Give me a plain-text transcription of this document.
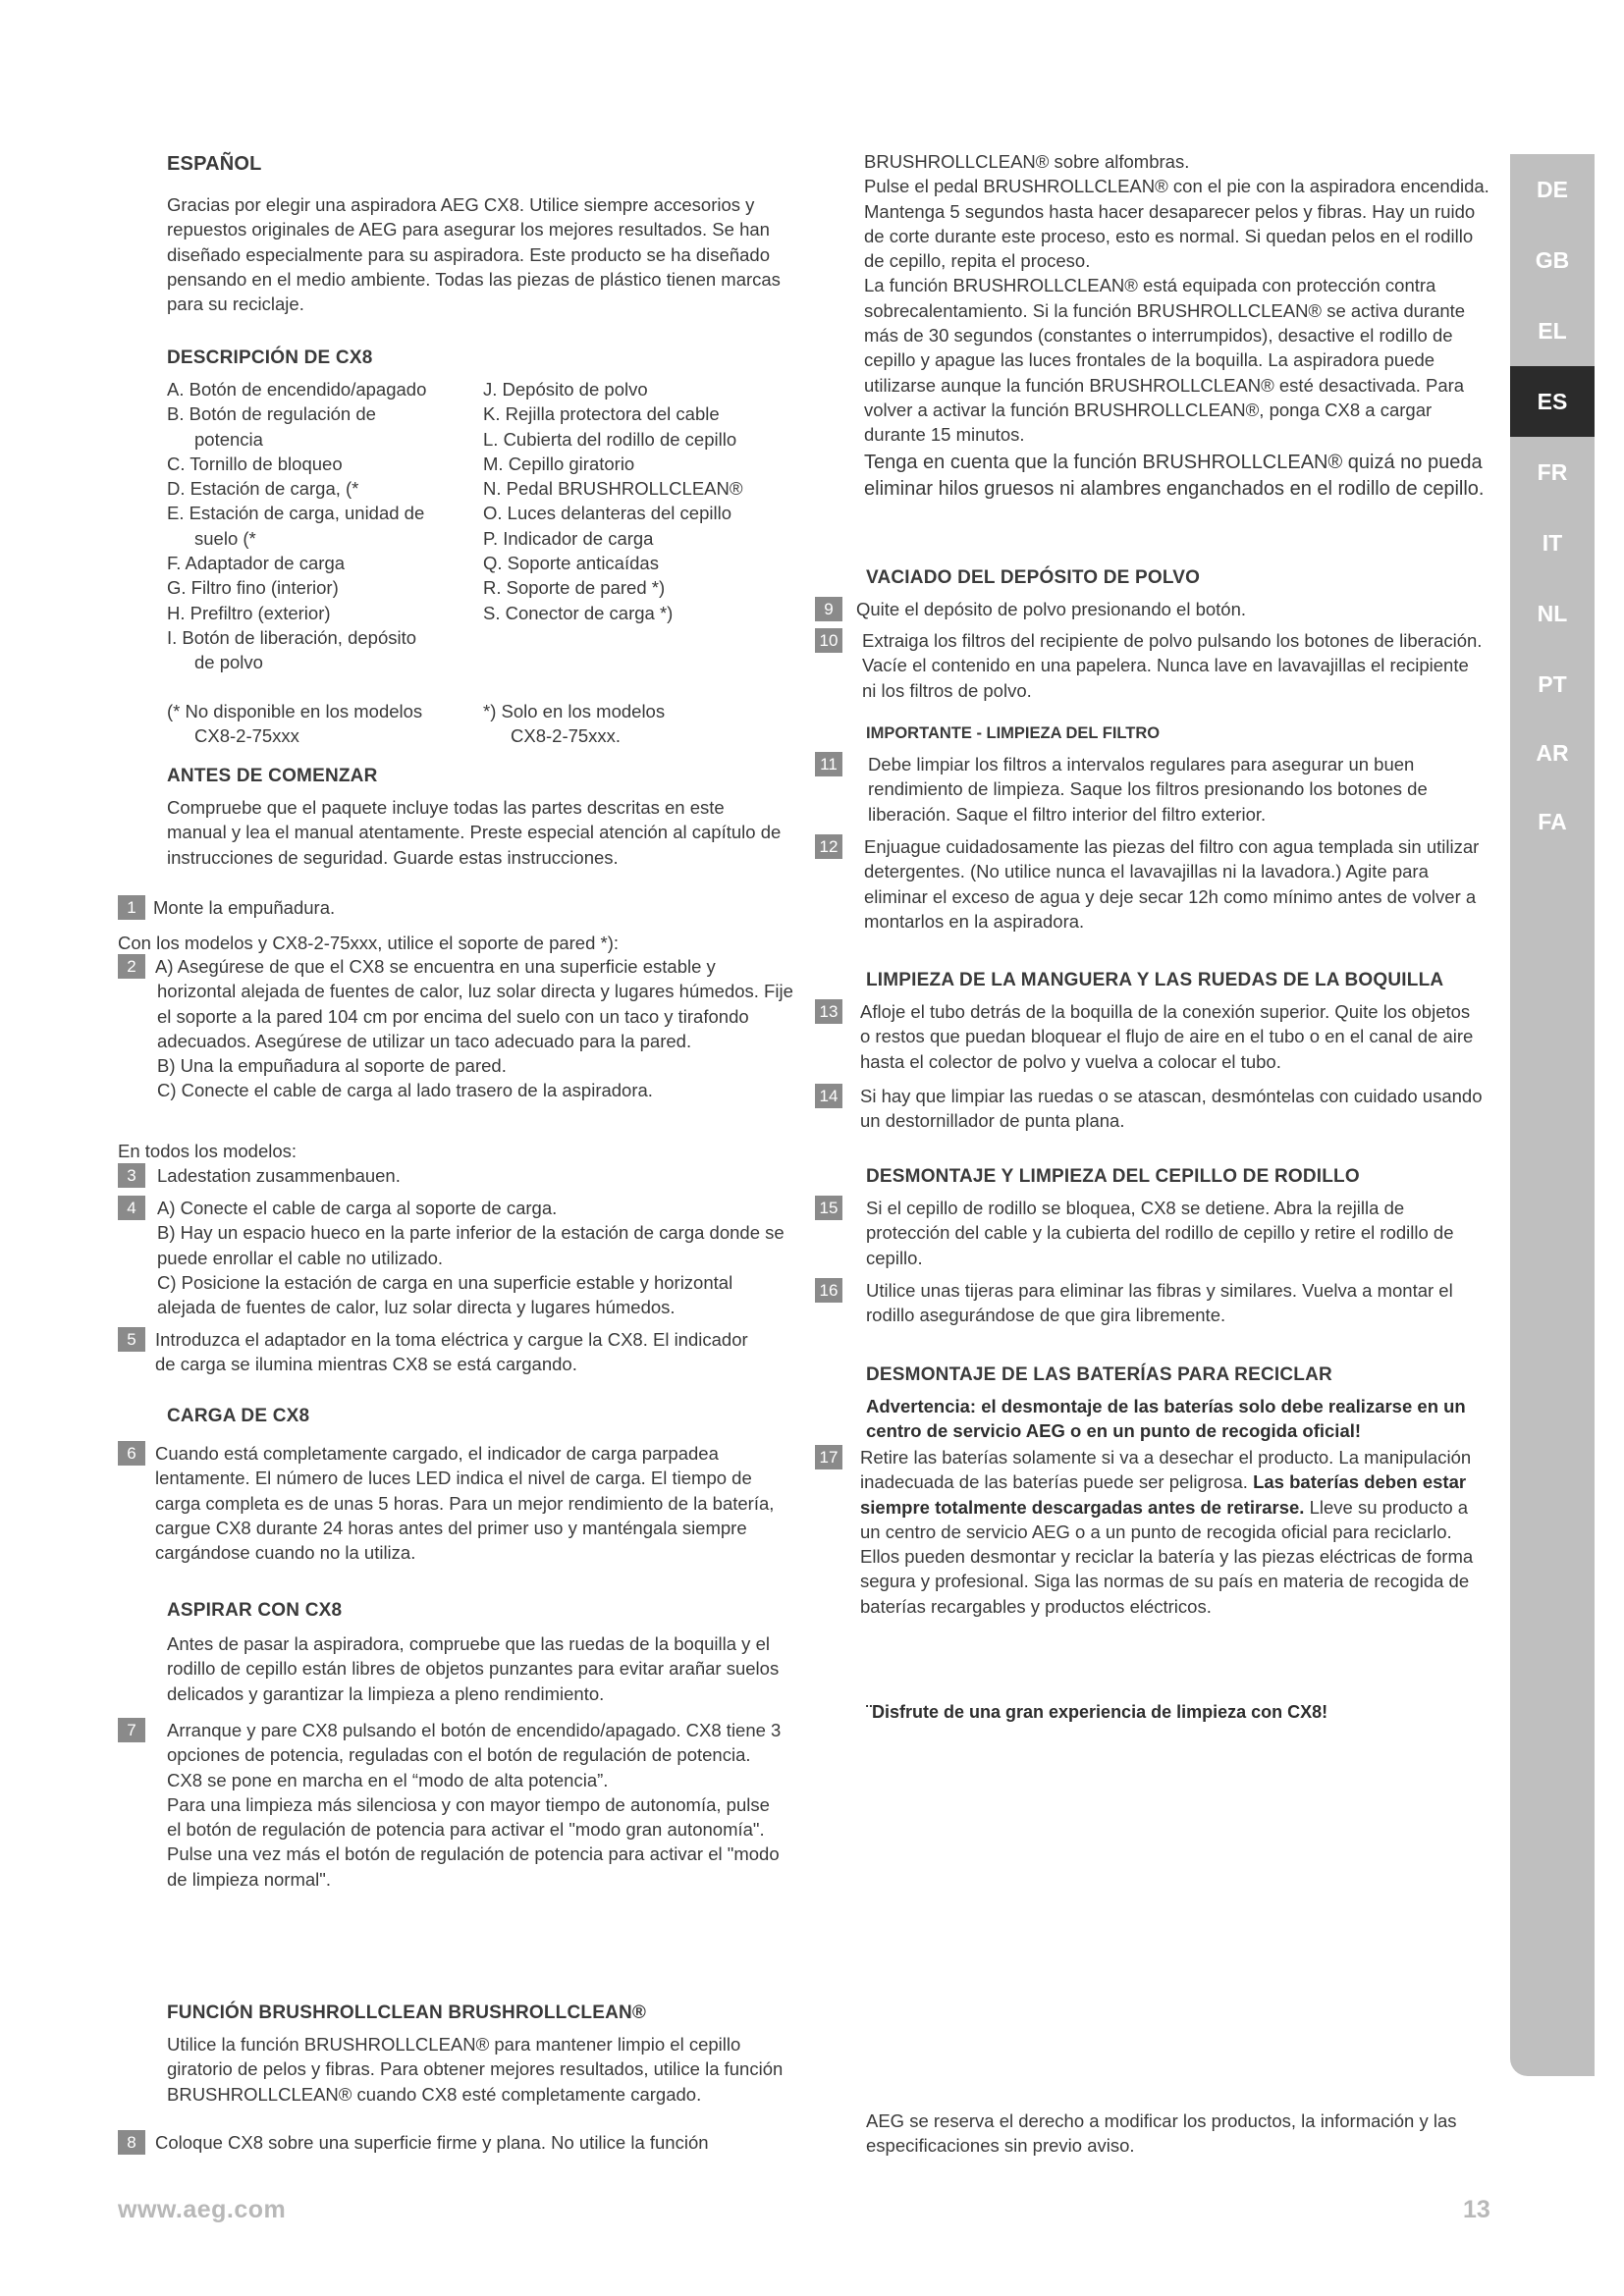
ESPAÑOL
Gracias por elegir una aspiradora AEG CX8. Utilice siempre accesorios y repuestos originales de AEG para asegurar los mejores resultados. Se han diseñado especialmente para su aspiradora. Este producto se ha diseñado pensando en el medio ambiente. Todas las piezas de plástico tienen marcas para su reciclaje.
DESCRIPCIÓN DE CX8
A. Botón de encendido/apagado
B. Botón de regulación de
potencia
C. Tornillo de bloqueo
D. Estación de carga, (*
E. Estación de carga, unidad de
suelo (*
F. Adaptador de carga
G. Filtro fino (interior)
H. Prefiltro (exterior)
I. Botón de liberación, depósito
de polvo
J. Depósito de polvo
K. Rejilla protectora del cable
L. Cubierta del rodillo de cepillo
M. Cepillo giratorio
N. Pedal BRUSHROLLCLEAN®
O. Luces delanteras del cepillo
P. Indicador de carga
Q. Soporte anticaídas
R. Soporte de pared *)
S. Conector de carga *)
(* No disponible en los modelos
CX8-2-75xxx
*) Solo en los modelos
CX8-2-75xxx.
ANTES DE COMENZAR
Compruebe que el paquete incluye todas las partes descritas en este manual y lea el manual atentamente. Preste especial atención al capítulo de instrucciones de seguridad. Guarde estas instrucciones.
1 Monte la empuñadura.
Con los modelos y CX8-2-75xxx, utilice el soporte de pared *):
2	A) Asegúrese de que el CX8 se encuentra en una superficie estable y horizontal alejada de fuentes de calor, luz solar directa y lugares húmedos. Fije el soporte a la pared 104 cm por encima del suelo con un taco y tirafondo adecuados. Asegúrese de utilizar un taco adecuado para la pared.
B) Una la empuñadura al soporte de pared.
C) Conecte el cable de carga al lado trasero de la aspiradora.
En todos los modelos:
3	Ladestation zusammenbauen.
4	A) Conecte el cable de carga al soporte de carga.
B) Hay un espacio hueco en la parte inferior de la estación de carga donde se puede enrollar el cable no utilizado.
C) Posicione la estación de carga en una superficie estable y horizontal alejada de fuentes de calor, luz solar directa y lugares húmedos.
5	Introduzca el adaptador en la toma eléctrica y cargue la CX8. El indicador de carga se ilumina mientras CX8 se está cargando.
CARGA DE CX8
6	Cuando está completamente cargado, el indicador de carga parpadea lentamente. El número de luces LED indica el nivel de carga. El tiempo de carga completa es de unas 5 horas. Para un mejor rendimiento de la batería, cargue CX8 durante 24 horas antes del primer uso y manténgala siempre cargándose cuando no la utiliza.
ASPIRAR CON CX8
Antes de pasar la aspiradora, compruebe que las ruedas de la boquilla y el rodillo de cepillo están libres de objetos punzantes para evitar arañar suelos delicados y garantizar la limpieza a pleno rendimiento.
7	Arranque y pare CX8 pulsando el botón de encendido/apagado. CX8 tiene 3 opciones de potencia, reguladas con el botón de regulación de potencia.
CX8 se pone en marcha en el “modo de alta potencia”.
Para una limpieza más silenciosa y con mayor tiempo de autonomía, pulse el botón de regulación de potencia para activar el "modo gran autonomía".
Pulse una vez más el botón de regulación de potencia para activar el "modo de limpieza normal".
FUNCIÓN BRUSHROLLCLEAN BRUSHROLLCLEAN®
Utilice la función BRUSHROLLCLEAN® para mantener limpio el cepillo giratorio de pelos y fibras. Para obtener mejores resultados, utilice la función BRUSHROLLCLEAN® cuando CX8 esté completamente cargado.
8	Coloque CX8 sobre una superficie firme y plana. No utilice la función
BRUSHROLLCLEAN® sobre alfombras.
Pulse el pedal BRUSHROLLCLEAN® con el pie con la aspiradora encendida. Mantenga 5 segundos hasta hacer desaparecer pelos y fibras. Hay un ruido de corte durante este proceso, esto es normal. Si quedan pelos en el rodillo de cepillo, repita el proceso.
La función BRUSHROLLCLEAN® está equipada con protección contra sobrecalentamiento. Si la función BRUSHROLLCLEAN® se activa durante más de 30 segundos (constantes o interrumpidos), desactive el rodillo de cepillo y apague las luces frontales de la boquilla. La aspiradora puede utilizarse aunque la función BRUSHROLLCLEAN® esté desactivada. Para volver a activar la función BRUSHROLLCLEAN®, ponga CX8 a cargar durante 15 minutos.
Tenga en cuenta que la función BRUSHROLLCLEAN® quizá no pueda eliminar hilos gruesos ni alambres enganchados en el rodillo de cepillo.
VACIADO DEL DEPÓSITO DE POLVO
9	Quite el depósito de polvo presionando el botón.
10	Extraiga los filtros del recipiente de polvo pulsando los botones de liberación. Vacíe el contenido en una papelera. Nunca lave en lavavajillas el recipiente ni los filtros de polvo.
IMPORTANTE - LIMPIEZA DEL FILTRO
11	Debe limpiar los filtros a intervalos regulares para asegurar un buen rendimiento de limpieza. Saque los filtros presionando los botones de liberación. Saque el filtro interior del filtro exterior.
12	Enjuague cuidadosamente las piezas del filtro con agua templada sin utilizar detergentes. (No utilice nunca el lavavajillas ni la lavadora.) Agite para eliminar el exceso de agua y deje secar 12h como mínimo antes de volver a montarlos en la aspiradora.
LIMPIEZA DE LA MANGUERA Y LAS RUEDAS DE LA BOQUILLA
13	Afloje el tubo detrás de la boquilla de la conexión superior. Quite los objetos o restos que puedan bloquear el flujo de aire en el tubo o en el canal de aire hasta el colector de polvo y vuelva a colocar el tubo.
14	Si hay que limpiar las ruedas o se atascan, desmóntelas con cuidado usando un destornillador de punta plana.
DESMONTAJE Y LIMPIEZA DEL CEPILLO DE RODILLO
15	Si el cepillo de rodillo se bloquea, CX8 se detiene. Abra la rejilla de protección del cable y la cubierta del rodillo de cepillo y retire el rodillo de cepillo.
16	Utilice unas tijeras para eliminar las fibras y similares. Vuelva a montar el rodillo asegurándose de que gira libremente.
DESMONTAJE DE LAS BATERÍAS PARA RECICLAR
Advertencia: el desmontaje de las baterías solo debe realizarse en un centro de servicio AEG o en un punto de recogida oficial!
17	Retire las baterías solamente si va a desechar el producto. La manipulación inadecuada de las baterías puede ser peligrosa. Las baterías deben estar siempre totalmente descargadas antes de retirarse. Lleve su producto a un centro de servicio AEG o a un punto de recogida oficial para reciclarlo. Ellos pueden desmontar y reciclar la batería y las piezas eléctricas de forma segura y profesional. Siga las normas de su país en materia de recogida de baterías recargables y productos eléctricos.
¨Disfrute de una gran experiencia de limpieza con CX8!
AEG se reserva el derecho a modificar los productos, la información y las especificaciones sin previo aviso.
DE
GB
EL
ES
FR
IT
NL
PT
AR
FA
www.aeg.com	13
